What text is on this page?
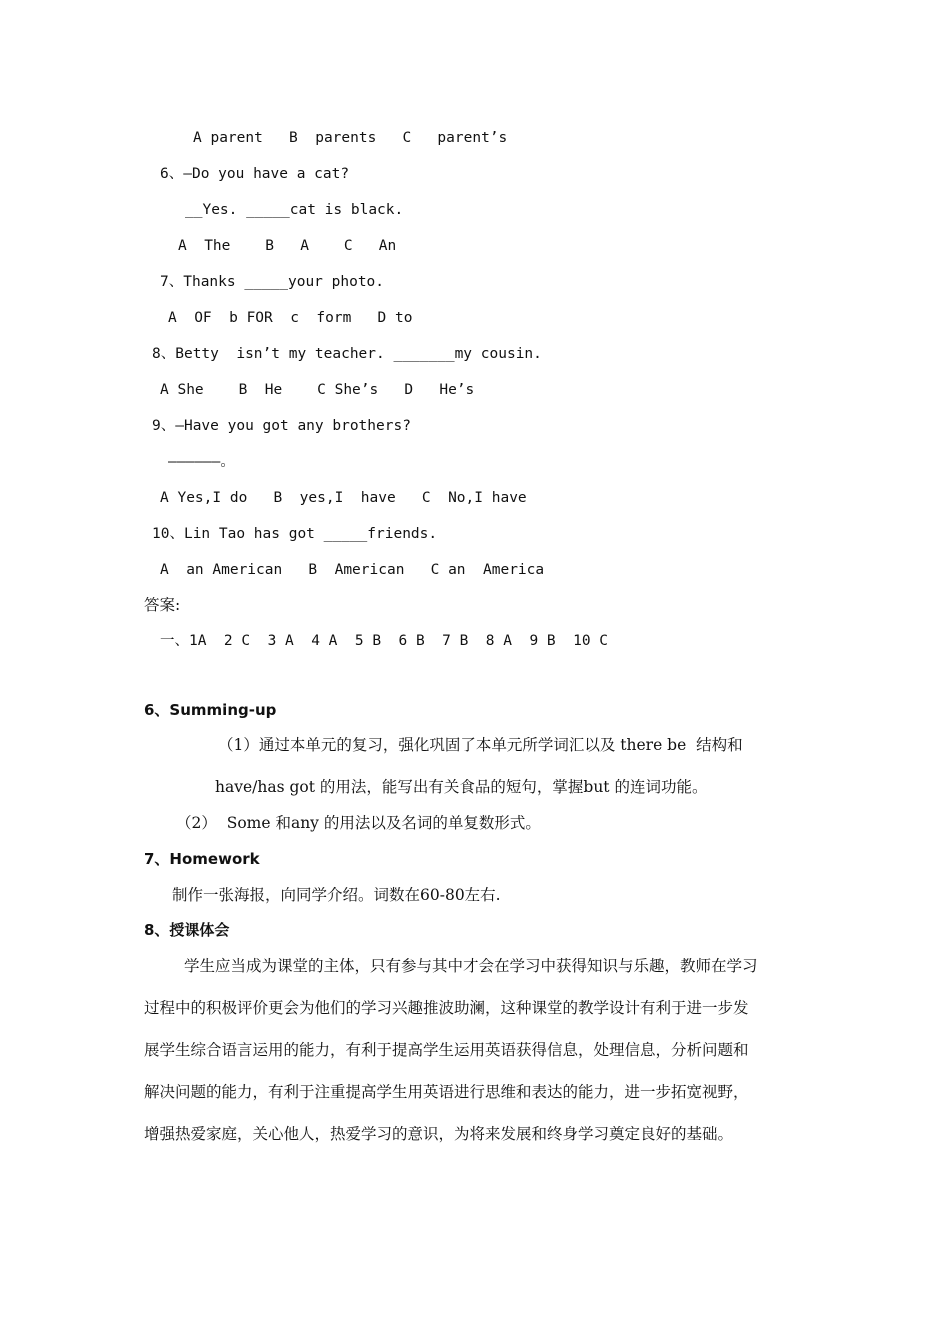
A parent   B  parents   C   parent’s
6、—Do you have a cat?
__Yes. _____cat is black.
A  The    B   A    C   An
7、Thanks _____your photo.
A  OF  b FOR  c  form   D to
8、Betty  isn’t my teacher. _______my cousin.
A She    B  He    C She’s   D   He’s
9、—Have you got any brothers?
——————。
A Yes,I do   B  yes,I  have   C  No,I have
10、Lin Tao has got _____friends.
A  an American   B  American   C an  America
答案:
一、1A  2 C  3 A  4 A  5 B  6 B  7 B  8 A  9 B  10 C
6、Summing-up
（1）通过本单元的复习，强化巩固了本单元所学词汇以及 there be  结构和
have/has got 的用法，能写出有关食品的短句，掌握but 的连词功能。
（2）  Some 和any 的用法以及名词的单复数形式。
7、Homework
制作一张海报，向同学介绍。词数在60-80左右.
8、授课体会
学生应当成为课堂的主体，只有参与其中才会在学习中获得知识与乐趣，教师在学习
过程中的积极评价更会为他们的学习兴趣推波助澜，这种课堂的教学设计有利于进一步发
展学生综合语言运用的能力，有利于提高学生运用英语获得信息，处理信息，分析问题和
解决问题的能力，有利于注重提高学生用英语进行思维和表达的能力，进一步拓宽视野，
增强热爱家庭，关心他人，热爱学习的意识，为将来发展和终身学习奠定良好的基础。
